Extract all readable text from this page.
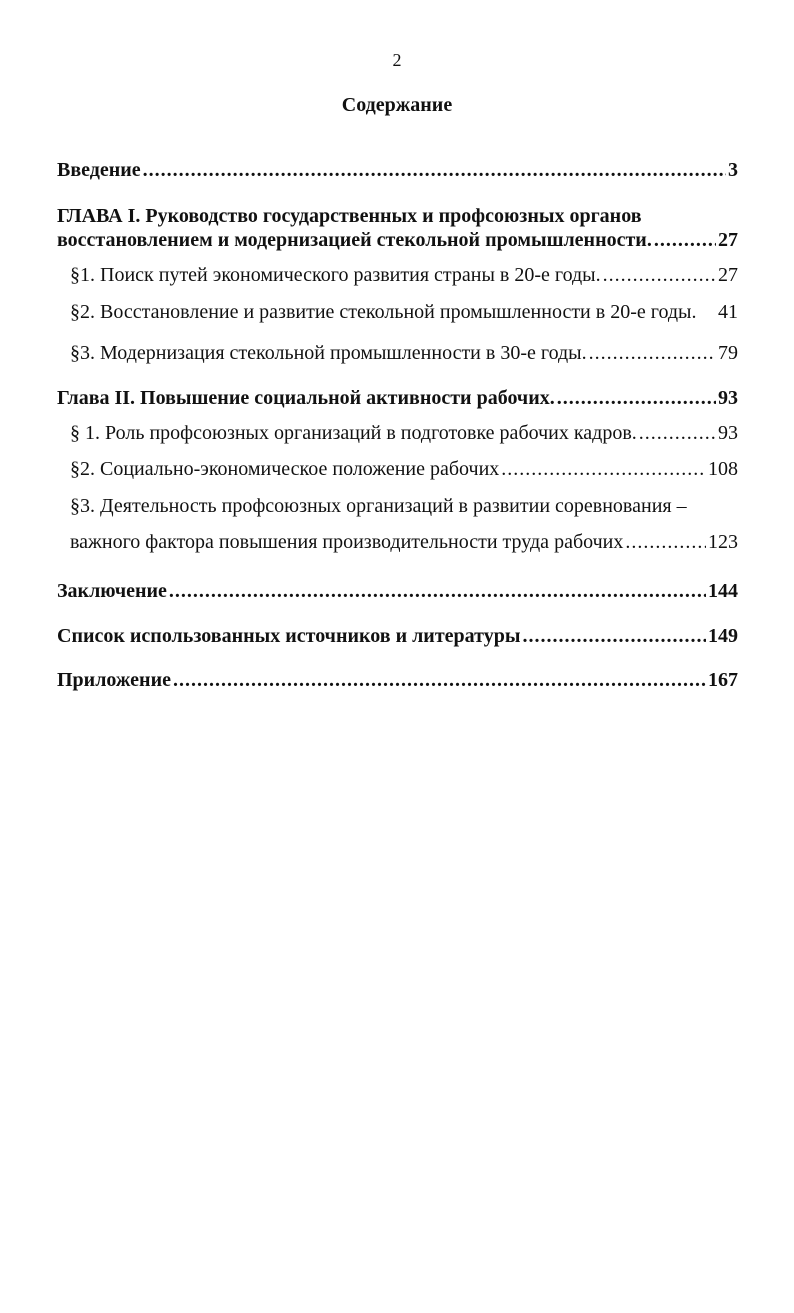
2
Содержание
Введение .....	3
ГЛАВА I. Руководство государственных и профсоюзных органов
восстановлением и модернизацией стекольной промышленности. .....	27
§1. Поиск путей экономического развития страны в 20-е годы. .....	27
§2. Восстановление и развитие стекольной промышленности в 20-е годы. 41
§3. Модернизация стекольной промышленности в 30-е годы. .....	79
Глава II. Повышение социальной активности рабочих. .....	93
§ 1. Роль профсоюзных организаций в подготовке рабочих кадров. .....	93
§2. Социально-экономическое положение рабочих .....	108
§3. Деятельность профсоюзных организаций в развитии соревнования –
важного фактора повышения производительности труда рабочих .....	123
Заключение .....	144
Список использованных источников и литературы .....	149
Приложение .....	167
